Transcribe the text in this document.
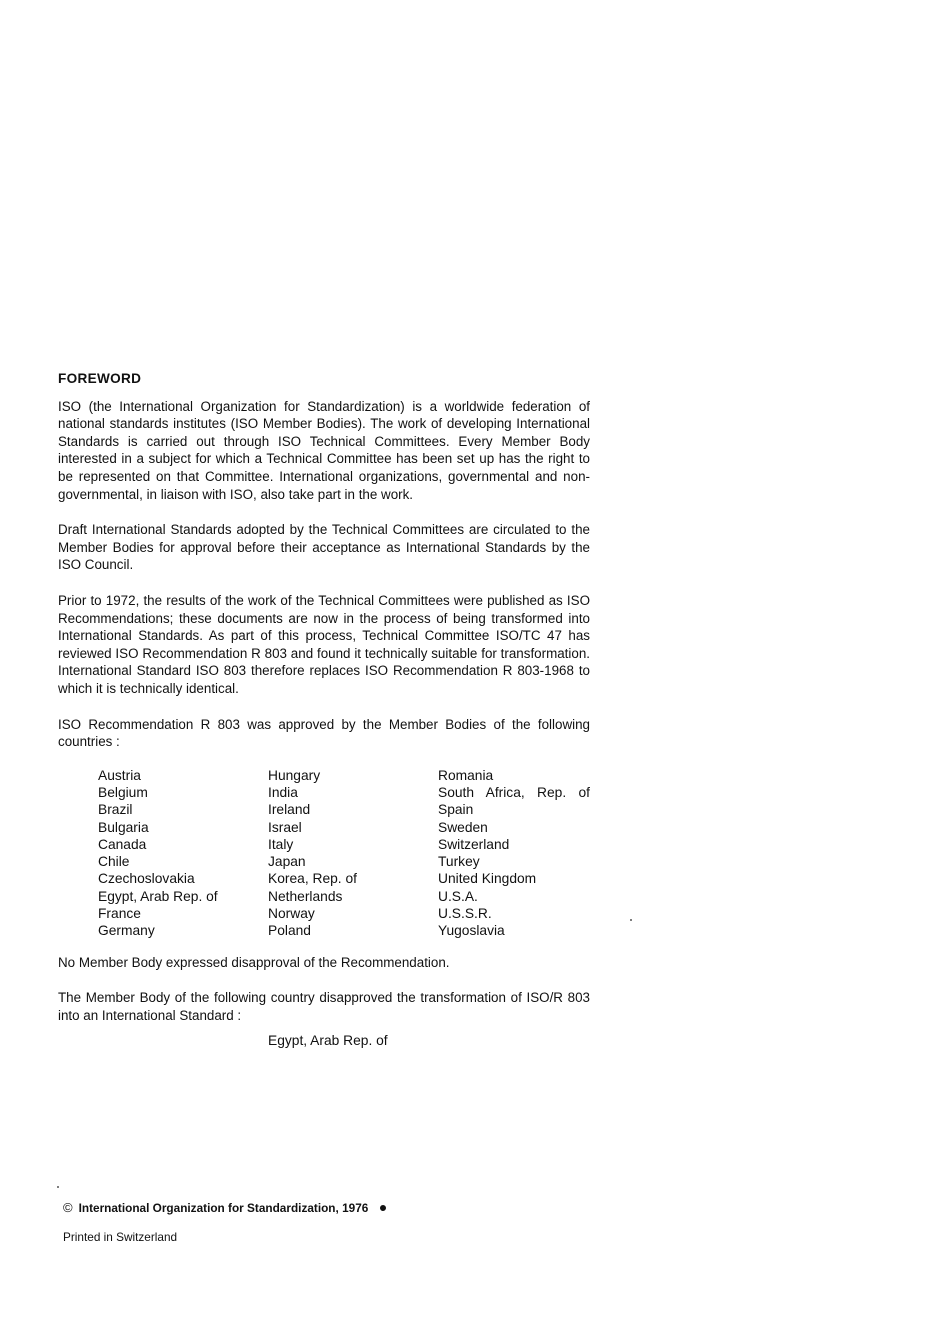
FOREWORD

ISO (the International Organization for Standardization) is a worldwide federation of national standards institutes (ISO Member Bodies). The work of developing International Standards is carried out through ISO Technical Committees. Every Member Body interested in a subject for which a Technical Committee has been set up has the right to be represented on that Committee. International organizations, governmental and non-governmental, in liaison with ISO, also take part in the work.

Draft International Standards adopted by the Technical Committees are circulated to the Member Bodies for approval before their acceptance as International Standards by the ISO Council.

Prior to 1972, the results of the work of the Technical Committees were published as ISO Recommendations; these documents are now in the process of being transformed into International Standards. As part of this process, Technical Committee ISO/TC 47 has reviewed ISO Recommendation R 803 and found it technically suitable for transformation. International Standard ISO 803 therefore replaces ISO Recommendation R 803-1968 to which it is technically identical.

ISO Recommendation R 803 was approved by the Member Bodies of the following countries :

Austria
Belgium
Brazil
Bulgaria
Canada
Chile
Czechoslovakia
Egypt, Arab Rep. of
France
Germany
Hungary
India
Ireland
Israel
Italy
Japan
Korea, Rep. of
Netherlands
Norway
Poland
Romania
South Africa, Rep. of
Spain
Sweden
Switzerland
Turkey
United Kingdom
U.S.A.
U.S.S.R.
Yugoslavia

No Member Body expressed disapproval of the Recommendation.

The Member Body of the following country disapproved the transformation of ISO/R 803 into an International Standard :

Egypt, Arab Rep. of
© International Organization for Standardization, 1976
Printed in Switzerland
